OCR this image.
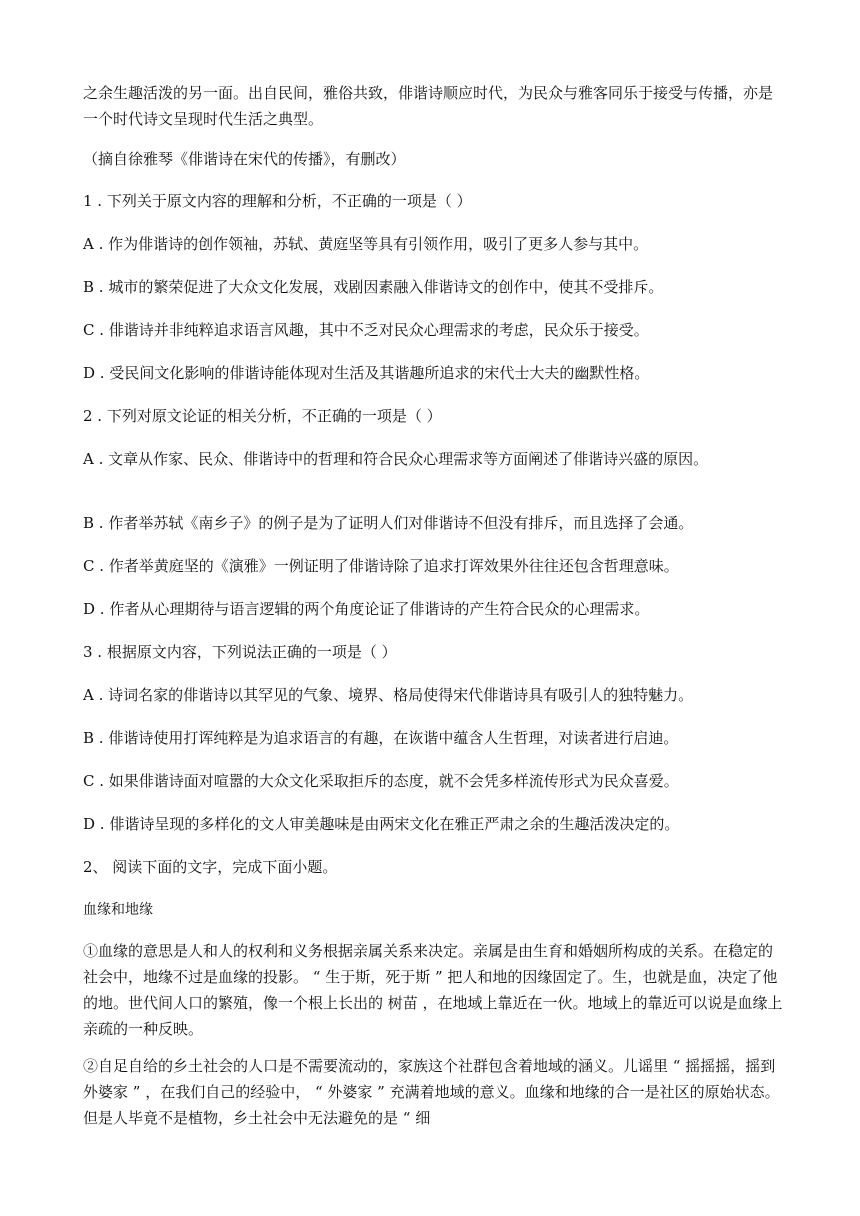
之余生趣活泼的另一面。出自民间，雅俗共致，俳谐诗顺应时代，为民众与雅客同乐于接受与传播，亦是一个时代诗文呈现时代生活之典型。
（摘自徐雅琴《俳谐诗在宋代的传播》，有删改）
1 . 下列关于原文内容的理解和分析，不正确的一项是（ ）
A . 作为俳谐诗的创作领袖，苏轼、黄庭坚等具有引领作用，吸引了更多人参与其中。
B . 城市的繁荣促进了大众文化发展，戏剧因素融入俳谐诗文的创作中，使其不受排斥。
C . 俳谐诗并非纯粹追求语言风趣，其中不乏对民众心理需求的考虑，民众乐于接受。
D . 受民间文化影响的俳谐诗能体现对生活及其谐趣所追求的宋代士大夫的幽默性格。
2 . 下列对原文论证的相关分析，不正确的一项是（ ）
A . 文章从作家、民众、俳谐诗中的哲理和符合民众心理需求等方面阐述了俳谐诗兴盛的原因。
B . 作者举苏轼《南乡子》的例子是为了证明人们对俳谐诗不但没有排斥，而且选择了会通。
C . 作者举黄庭坚的《演雅》一例证明了俳谐诗除了追求打诨效果外往往还包含哲理意味。
D . 作者从心理期待与语言逻辑的两个角度论证了俳谐诗的产生符合民众的心理需求。
3 . 根据原文内容，下列说法正确的一项是（ ）
A . 诗词名家的俳谐诗以其罕见的气象、境界、格局使得宋代俳谐诗具有吸引人的独特魅力。
B . 俳谐诗使用打诨纯粹是为追求语言的有趣，在诙谐中蕴含人生哲理，对读者进行启迪。
C . 如果俳谐诗面对喧嚣的大众文化采取拒斥的态度，就不会凭多样流传形式为民众喜爱。
D . 俳谐诗呈现的多样化的文人审美趣味是由两宋文化在雅正严肃之余的生趣活泼决定的。
2、 阅读下面的文字，完成下面小题。
血缘和地缘
①血缘的意思是人和人的权利和义务根据亲属关系来决定。亲属是由生育和婚姻所构成的关系。在稳定的社会中，地缘不过是血缘的投影。 “ 生于斯，死于斯 ” 把人和地的因缘固定了。生，也就是血，决定了他的地。世代间人口的繁殖，像一个根上长出的 树苗 ，在地域上靠近在一伙。地域上的靠近可以说是血缘上亲疏的一种反映。
②自足自给的乡土社会的人口是不需要流动的，家族这个社群包含着地域的涵义。儿谣里 “ 摇摇摇，摇到外婆家 ” ，在我们自己的经验中， “ 外婆家 ” 充满着地域的意义。血缘和地缘的合一是社区的原始状态。但是人毕竟不是植物，乡土社会中无法避免的是 “ 细
